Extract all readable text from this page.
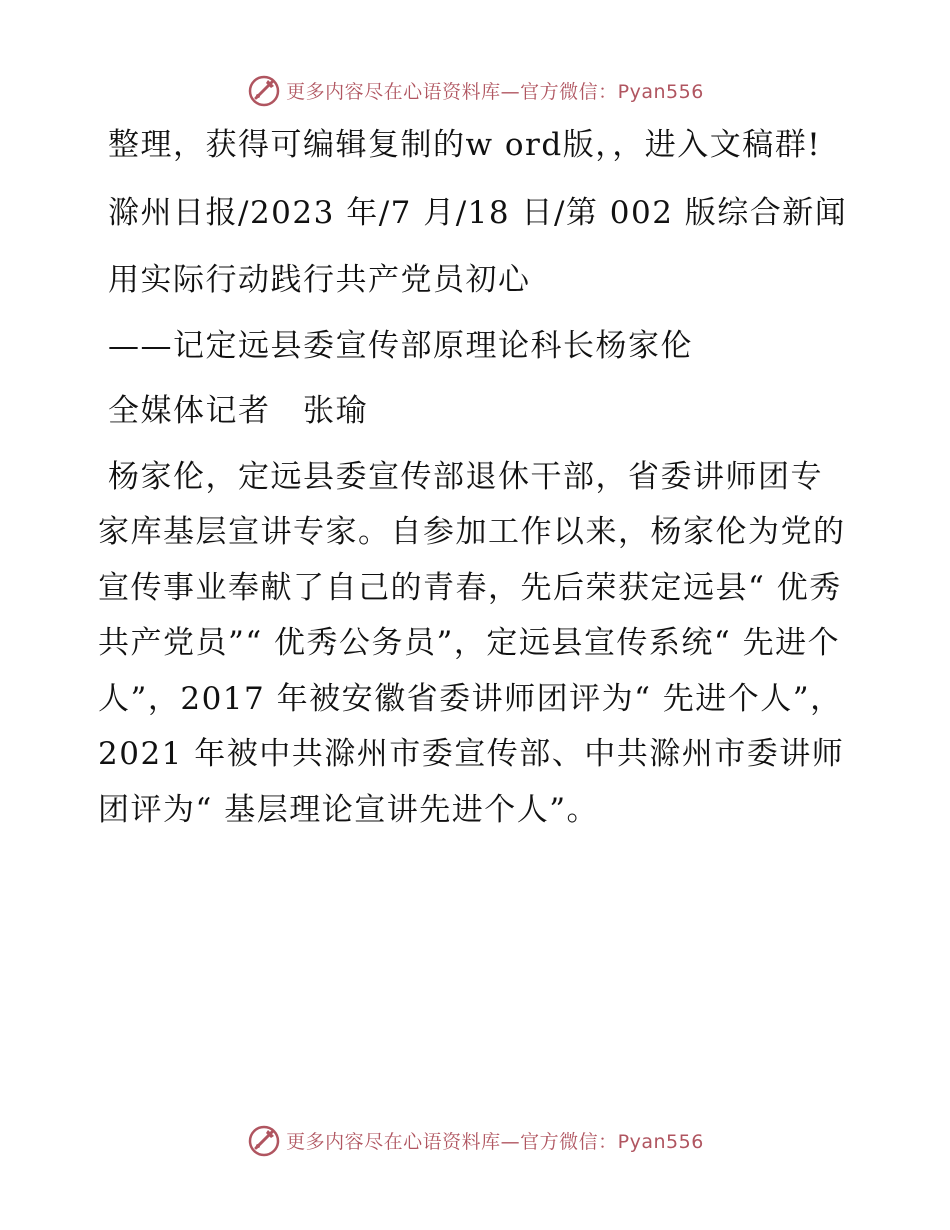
更多内容尽在心语资料库—官方微信：Pyan556

整理，获得可编辑复制的w ord版，，进入文稿群!

滁州日报/2023 年/7 月/18 日/第 002 版综合新闻

用实际行动践行共产党员初心

——记定远县委宣传部原理论科长杨家伦

全媒体记者　张瑜

杨家伦，定远县委宣传部退休干部，省委讲师团专家库基层宣讲专家。自参加工作以来，杨家伦为党的宣传事业奉献了自己的青春，先后荣获定远县“ 优秀共产党员”“ 优秀公务员”，定远县宣传系统“ 先进个人”，2017 年被安徽省委讲师团评为“ 先进个人”，2021 年被中共滁州市委宣传部、中共滁州市委讲师团评为“ 基层理论宣讲先进个人”。

更多内容尽在心语资料库—官方微信：Pyan556
